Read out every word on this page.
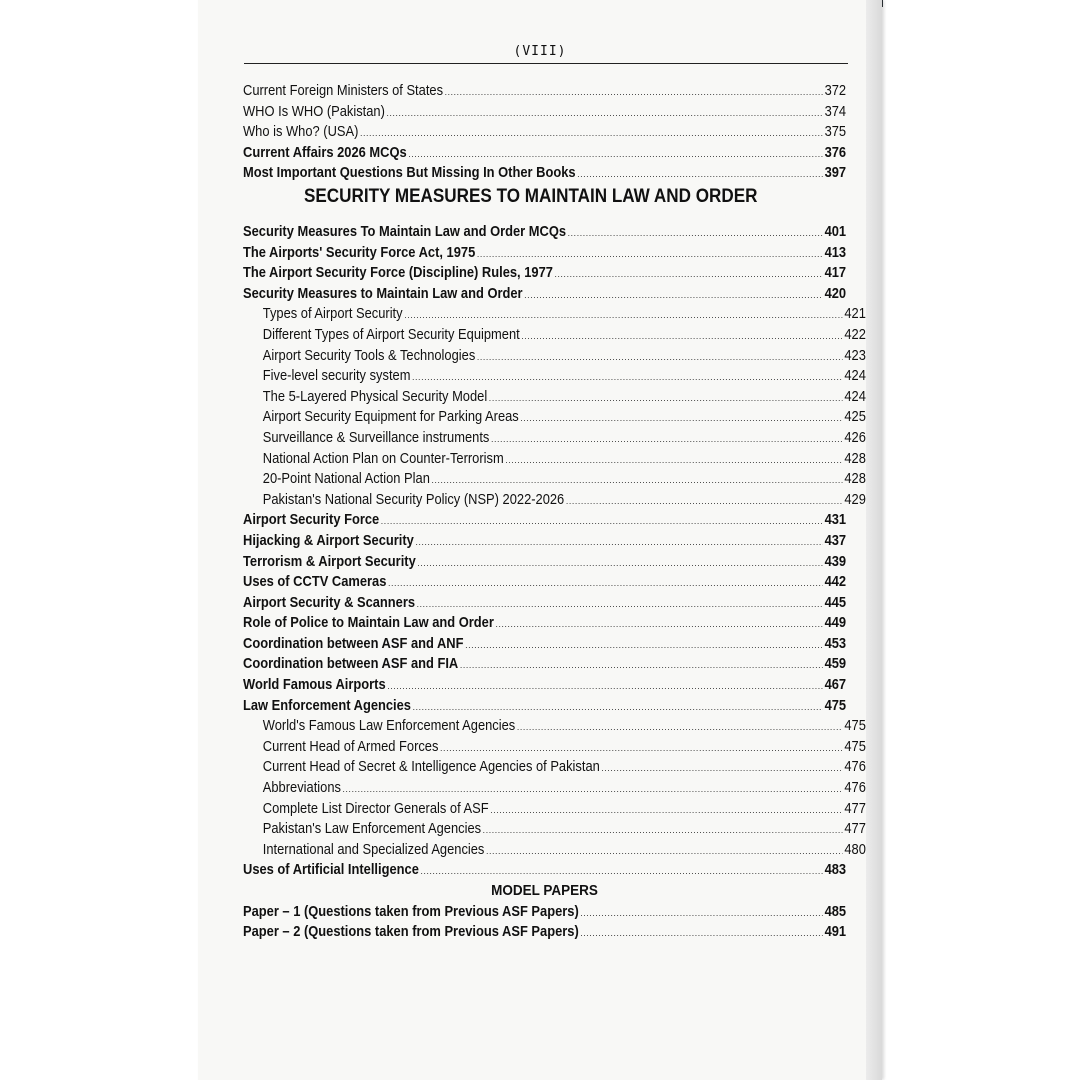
(VIII)
Current Foreign Ministers of States .....	372
WHO Is WHO (Pakistan) .....	374
Who is Who? (USA) .....	375
Current Affairs 2026 MCQs .....	376
Most Important Questions But Missing In Other Books .....	397
SECURITY MEASURES TO MAINTAIN LAW AND ORDER
Security Measures To Maintain Law and Order MCQs .....	401
The Airports' Security Force Act, 1975 .....	413
The Airport Security Force (Discipline) Rules, 1977 .....	417
Security Measures to Maintain Law and Order .....	420
Types of Airport Security .....	421
Different Types of Airport Security Equipment .....	422
Airport Security Tools & Technologies .....	423
Five-level security system .....	424
The 5-Layered Physical Security Model .....	424
Airport Security Equipment for Parking Areas .....	425
Surveillance & Surveillance instruments .....	426
National Action Plan on Counter-Terrorism .....	428
20-Point National Action Plan .....	428
Pakistan's National Security Policy (NSP) 2022-2026 .....	429
Airport Security Force .....	431
Hijacking & Airport Security .....	437
Terrorism & Airport Security .....	439
Uses of CCTV Cameras .....	442
Airport Security & Scanners .....	445
Role of Police to Maintain Law and Order .....	449
Coordination between ASF and ANF .....	453
Coordination between ASF and FIA .....	459
World Famous Airports .....	467
Law Enforcement Agencies .....	475
World's Famous Law Enforcement Agencies .....	475
Current Head of Armed Forces .....	475
Current Head of Secret & Intelligence Agencies of Pakistan .....	476
Abbreviations .....	476
Complete List Director Generals of ASF .....	477
Pakistan's Law Enforcement Agencies .....	477
International and Specialized Agencies .....	480
Uses of Artificial Intelligence .....	483
MODEL PAPERS
Paper – 1 (Questions taken from Previous ASF Papers) .....	485
Paper – 2 (Questions taken from Previous ASF Papers) .....	491
